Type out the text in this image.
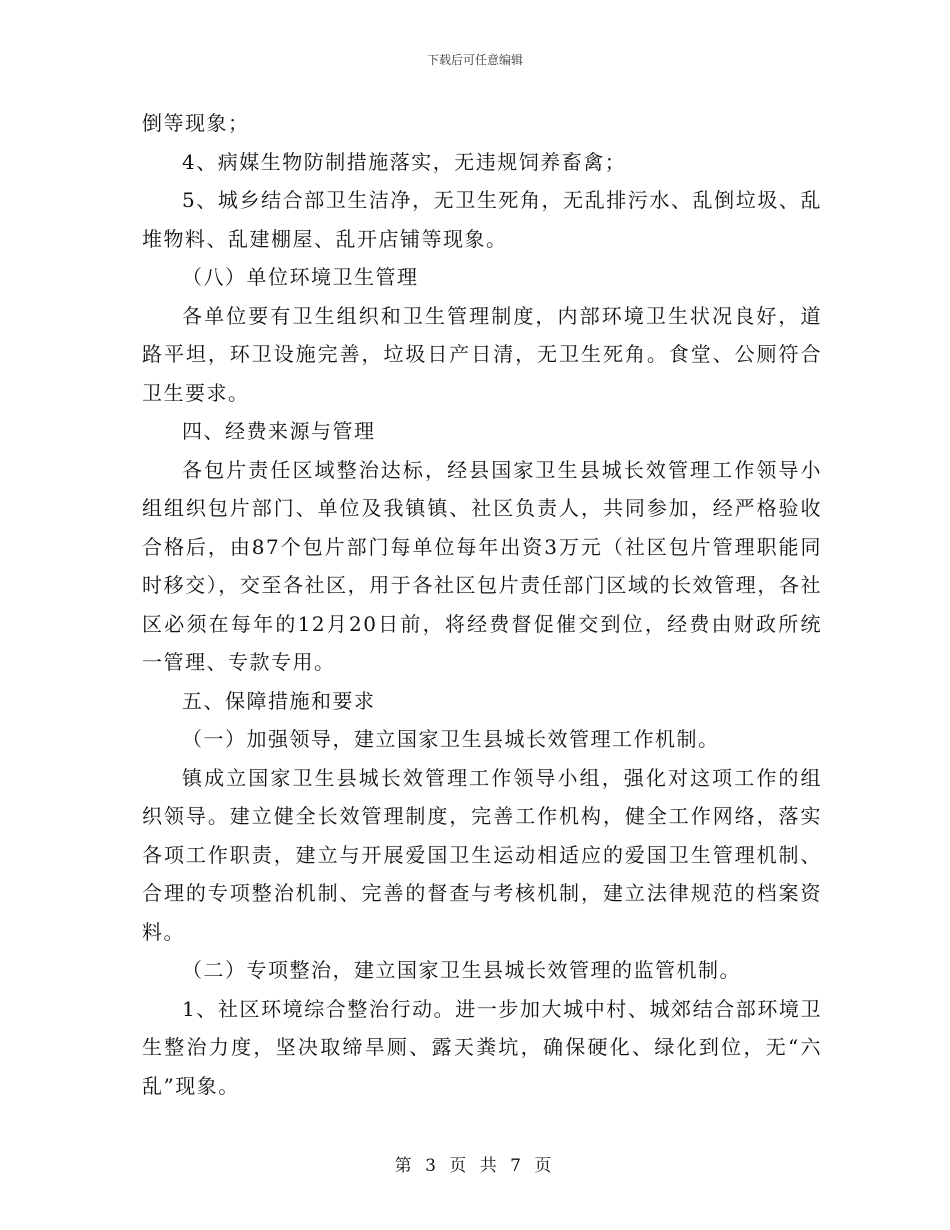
下载后可任意编辑

倒等现象；

4、病媒生物防制措施落实，无违规饲养畜禽；

5、城乡结合部卫生洁净，无卫生死角，无乱排污水、乱倒垃圾、乱堆物料、乱建棚屋、乱开店铺等现象。

（八）单位环境卫生管理

各单位要有卫生组织和卫生管理制度，内部环境卫生状况良好，道路平坦，环卫设施完善，垃圾日产日清，无卫生死角。食堂、公厕符合卫生要求。

四、经费来源与管理

各包片责任区域整治达标，经县国家卫生县城长效管理工作领导小组组织包片部门、单位及我镇镇、社区负责人，共同参加，经严格验收合格后，由87个包片部门每单位每年出资3万元（社区包片管理职能同时移交），交至各社区，用于各社区包片责任部门区域的长效管理，各社区必须在每年的12月20日前，将经费督促催交到位，经费由财政所统一管理、专款专用。

五、保障措施和要求

（一）加强领导，建立国家卫生县城长效管理工作机制。

镇成立国家卫生县城长效管理工作领导小组，强化对这项工作的组织领导。建立健全长效管理制度，完善工作机构，健全工作网络，落实各项工作职责，建立与开展爱国卫生运动相适应的爱国卫生管理机制、合理的专项整治机制、完善的督查与考核机制，建立法律规范的档案资料。

（二）专项整治，建立国家卫生县城长效管理的监管机制。

1、社区环境综合整治行动。进一步加大城中村、城郊结合部环境卫生整治力度，坚决取缔旱厕、露天粪坑，确保硬化、绿化到位，无“六乱”现象。

第 3 页 共 7 页
